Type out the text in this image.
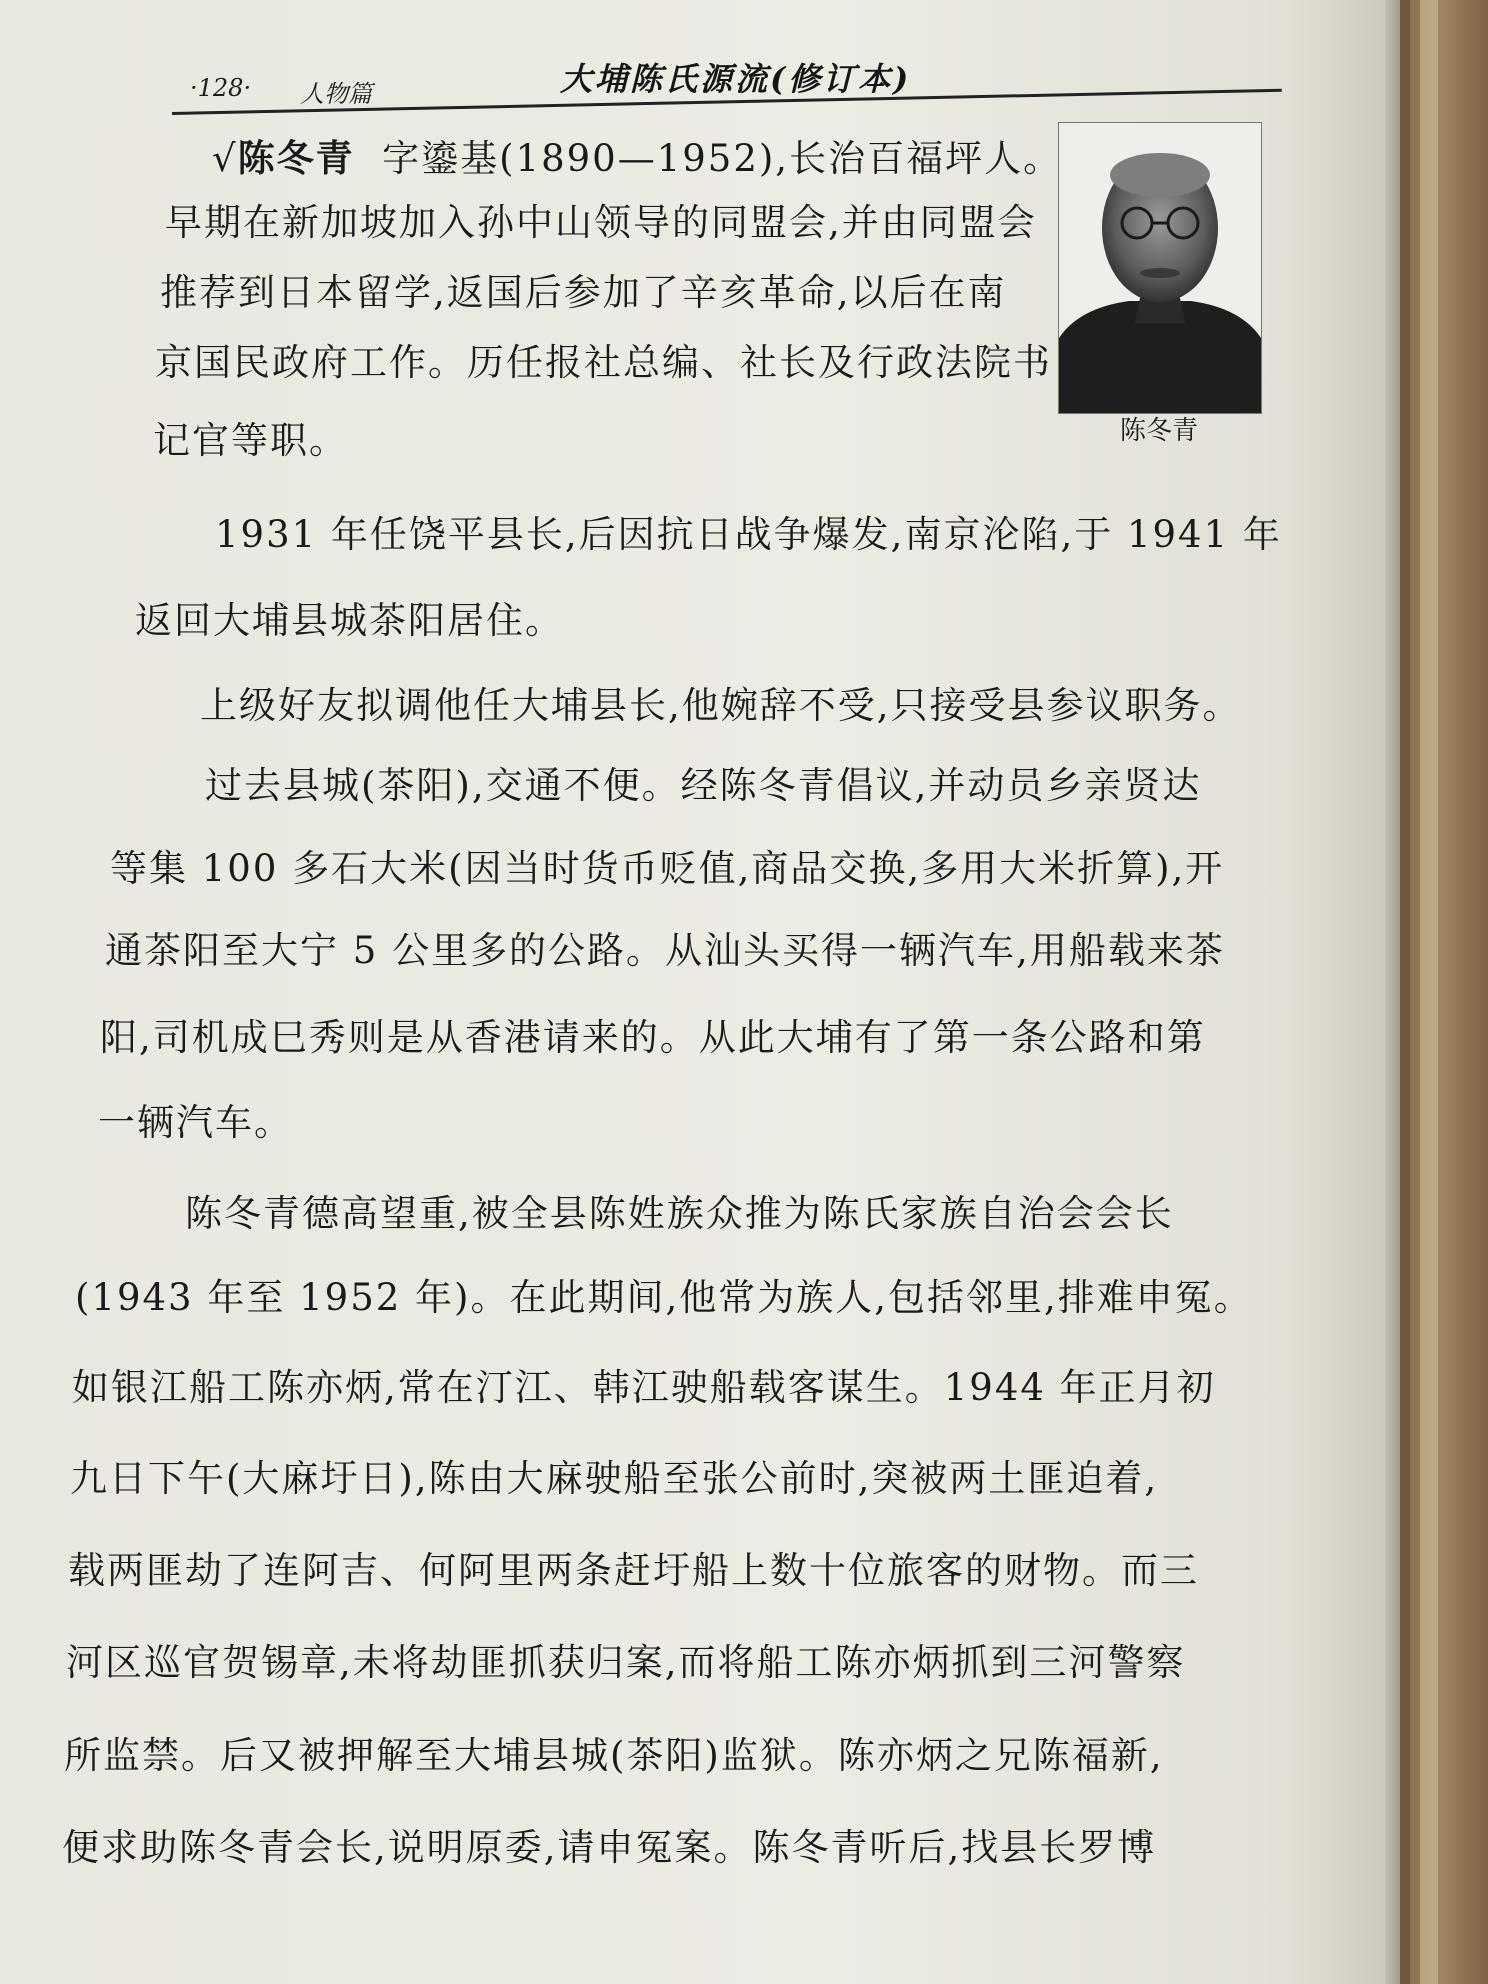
·128· 人物篇	大埔陈氏源流(修订本)
陈冬青
√陈冬青 字鎏基(1890—1952),长治百福坪人。
早期在新加坡加入孙中山领导的同盟会,并由同盟会
推荐到日本留学,返国后参加了辛亥革命,以后在南
京国民政府工作。历任报社总编、社长及行政法院书
记官等职。
1931 年任饶平县长,后因抗日战争爆发,南京沦陷,于 1941 年
返回大埔县城茶阳居住。
上级好友拟调他任大埔县长,他婉辞不受,只接受县参议职务。
过去县城(茶阳),交通不便。经陈冬青倡议,并动员乡亲贤达
等集 100 多石大米(因当时货币贬值,商品交换,多用大米折算),开
通茶阳至大宁 5 公里多的公路。从汕头买得一辆汽车,用船载来茶
阳,司机成巳秀则是从香港请来的。从此大埔有了第一条公路和第
一辆汽车。
陈冬青德高望重,被全县陈姓族众推为陈氏家族自治会会长
(1943 年至 1952 年)。在此期间,他常为族人,包括邻里,排难申冤。
如银江船工陈亦炳,常在汀江、韩江驶船载客谋生。1944 年正月初
九日下午(大麻圩日),陈由大麻驶船至张公前时,突被两土匪迫着,
载两匪劫了连阿吉、何阿里两条赶圩船上数十位旅客的财物。而三
河区巡官贺锡章,未将劫匪抓获归案,而将船工陈亦炳抓到三河警察
所监禁。后又被押解至大埔县城(茶阳)监狱。陈亦炳之兄陈福新,
便求助陈冬青会长,说明原委,请申冤案。陈冬青听后,找县长罗博
